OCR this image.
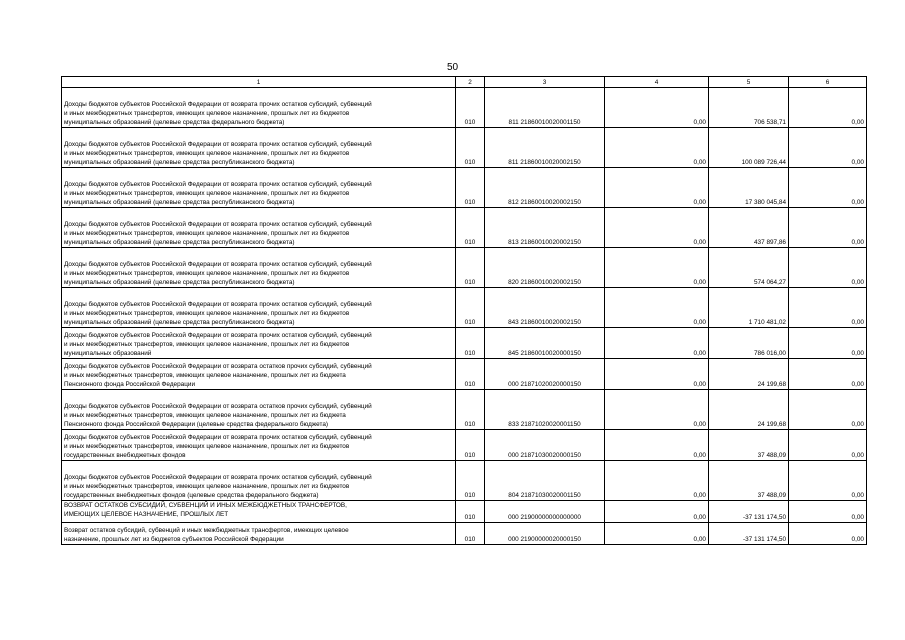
50
1	2	3	4	5	6
Доходы бюджетов субъектов Российской Федерации от возврата прочих остатков субсидий, субвенций
и иных межбюджетных трансфертов, имеющих целевое назначение, прошлых лет из бюджетов
муниципальных образований (целевые средства федерального бюджета)	010	811 21860010020001150	0,00	706 538,71	0,00
Доходы бюджетов субъектов Российской Федерации от возврата прочих остатков субсидий, субвенций
и иных межбюджетных трансфертов, имеющих целевое назначение, прошлых лет из бюджетов
муниципальных образований (целевые средства республиканского бюджета)	010	811 21860010020002150	0,00	100 089 726,44	0,00
Доходы бюджетов субъектов Российской Федерации от возврата прочих остатков субсидий, субвенций
и иных межбюджетных трансфертов, имеющих целевое назначение, прошлых лет из бюджетов
муниципальных образований (целевые средства республиканского бюджета)	010	812 21860010020002150	0,00	17 380 045,84	0,00
Доходы бюджетов субъектов Российской Федерации от возврата прочих остатков субсидий, субвенций
и иных межбюджетных трансфертов, имеющих целевое назначение, прошлых лет из бюджетов
муниципальных образований (целевые средства республиканского бюджета)	010	813 21860010020002150	0,00	437 897,86	0,00
Доходы бюджетов субъектов Российской Федерации от возврата прочих остатков субсидий, субвенций
и иных межбюджетных трансфертов, имеющих целевое назначение, прошлых лет из бюджетов
муниципальных образований (целевые средства республиканского бюджета)	010	820 21860010020002150	0,00	574 064,27	0,00
Доходы бюджетов субъектов Российской Федерации от возврата прочих остатков субсидий, субвенций
и иных межбюджетных трансфертов, имеющих целевое назначение, прошлых лет из бюджетов
муниципальных образований (целевые средства республиканского бюджета)	010	843 21860010020002150	0,00	1 710 481,02	0,00
Доходы бюджетов субъектов Российской Федерации от возврата прочих остатков субсидий, субвенций
и иных межбюджетных трансфертов, имеющих целевое назначение, прошлых лет из бюджетов
муниципальных образований	010	845 21860010020000150	0,00	786 016,00	0,00
Доходы бюджетов субъектов Российской Федерации от возврата остатков прочих субсидий, субвенций
и иных межбюджетных трансфертов, имеющих целевое назначение, прошлых лет из бюджета
Пенсионного фонда Российской Федерации	010	000 21871020020000150	0,00	24 199,68	0,00
Доходы бюджетов субъектов Российской Федерации от возврата остатков прочих субсидий, субвенций
и иных межбюджетных трансфертов, имеющих целевое назначение, прошлых лет из бюджета
Пенсионного фонда Российской Федерации (целевые средства федерального бюджета)	010	833 21871020020001150	0,00	24 199,68	0,00
Доходы бюджетов субъектов Российской Федерации от возврата прочих остатков субсидий, субвенций
и иных межбюджетных трансфертов, имеющих целевое назначение, прошлых лет из бюджетов
государственных внебюджетных фондов	010	000 21871030020000150	0,00	37 488,09	0,00
Доходы бюджетов субъектов Российской Федерации от возврата прочих остатков субсидий, субвенций
и иных межбюджетных трансфертов, имеющих целевое назначение, прошлых лет из бюджетов
государственных внебюджетных фондов (целевые средства федерального бюджета)	010	804 21871030020001150	0,00	37 488,09	0,00
ВОЗВРАТ ОСТАТКОВ СУБСИДИЙ, СУБВЕНЦИЙ И ИНЫХ МЕЖБЮДЖЕТНЫХ ТРАНСФЕРТОВ,
ИМЕЮЩИХ ЦЕЛЕВОЕ НАЗНАЧЕНИЕ, ПРОШЛЫХ ЛЕТ	010	000 21900000000000000	0,00	-37 131 174,50	0,00
Возврат остатков субсидий, субвенций и иных межбюджетных трансфертов, имеющих целевое
назначение, прошлых лет из бюджетов субъектов Российской Федерации	010	000 21900000020000150	0,00	-37 131 174,50	0,00
